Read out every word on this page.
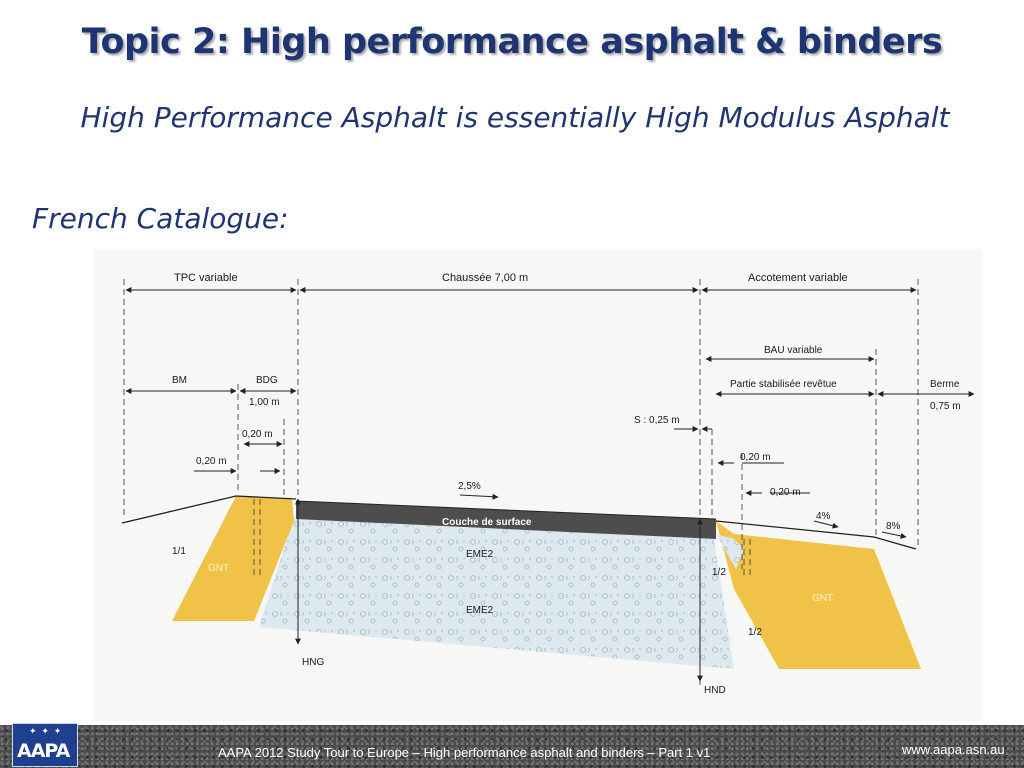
Topic 2: High performance asphalt & binders
High Performance Asphalt is essentially High Modulus Asphalt
French Catalogue:
TPC variable	Chaussée 7,00 m	Accotement variable
BAU variable
BM	BDG
1,00 m
Partie stabilisée revêtue	Berme
0,75 m
0,20 m
0,20 m
S : 0,25 m
0,20 m
0,20 m
2,5%
Couche de surface
EME2
EME2
4%
8%
1/1
1/2
1/2
HNG
HND
GNT
GNT
✦ ✦ ✦
AAPA	AAPA 2012 Study Tour to Europe – High performance asphalt and binders – Part 1 v1	www.aapa.asn.au
